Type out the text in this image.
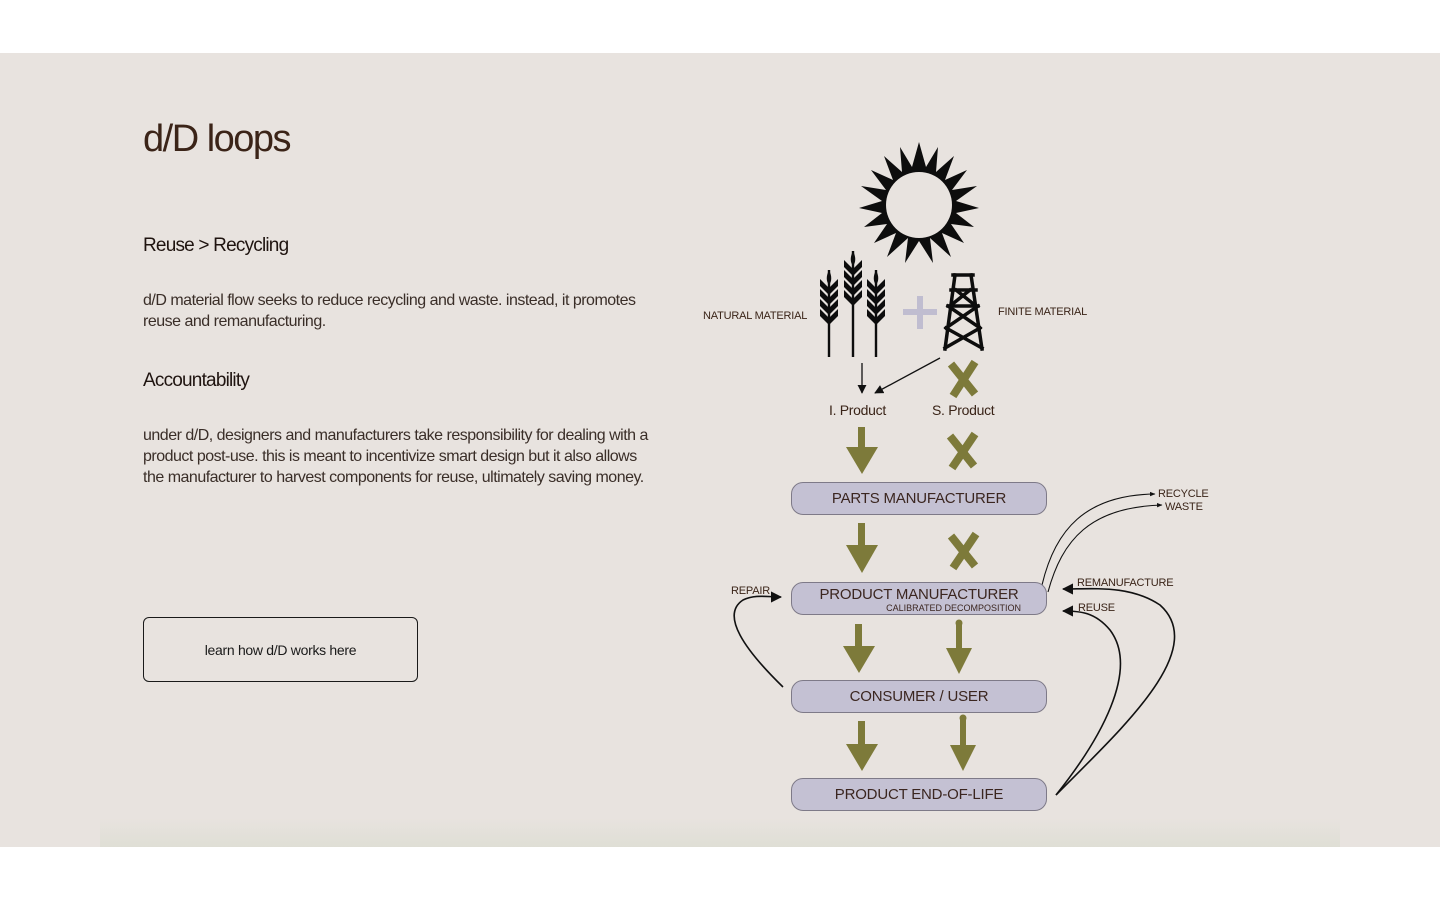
d/D loops
Reuse > Recycling

d/D material flow seeks to reduce recycling and waste. instead, it promotes reuse and remanufacturing.

Accountability

under d/D, designers and manufacturers take responsibility for dealing with a product post-use. this is meant to incentivize smart design but it also allows the manufacturer to harvest components for reuse, ultimately saving money.

learn how d/D works here
NATURAL MATERIAL	FINITE MATERIAL
I. Product	S. Product
PARTS MANUFACTURER
PRODUCT MANUFACTURER
CALIBRATED DECOMPOSITION
CONSUMER / USER
PRODUCT END-OF-LIFE
REPAIR
RECYCLE
WASTE
REMANUFACTURE
REUSE
